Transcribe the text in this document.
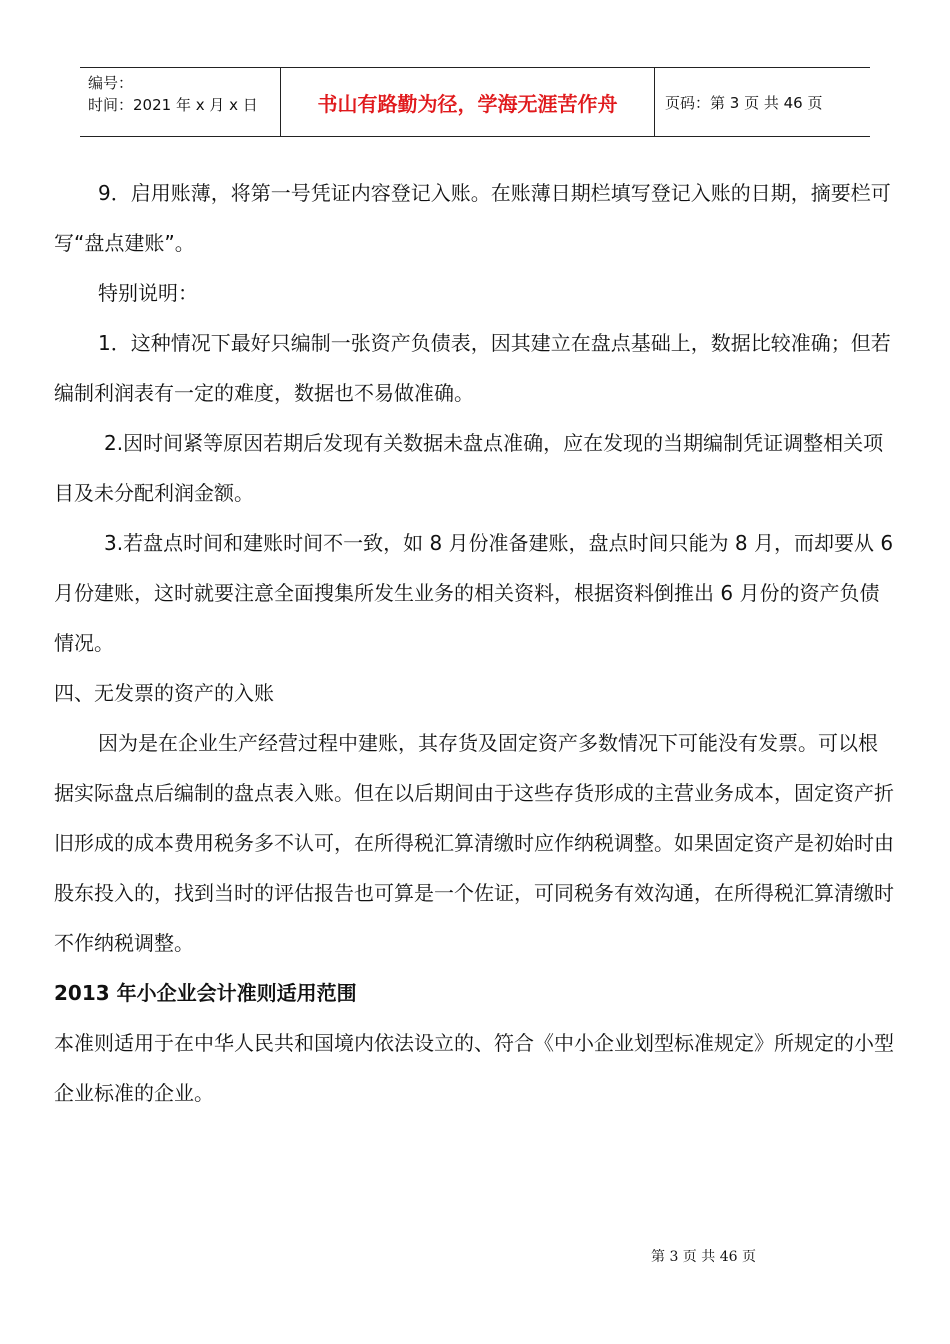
编号：
时间：2021 年 x 月 x 日	书山有路勤为径，学海无涯苦作舟	页码：第 3 页 共 46 页

9．启用账薄，将第一号凭证内容登记入账。在账薄日期栏填写登记入账的日期，摘要栏可写“盘点建账”。

特别说明：

1．这种情况下最好只编制一张资产负债表，因其建立在盘点基础上，数据比较准确；但若编制利润表有一定的难度，数据也不易做准确。

2.因时间紧等原因若期后发现有关数据未盘点准确，应在发现的当期编制凭证调整相关项目及未分配利润金额。

3.若盘点时间和建账时间不一致，如 8 月份准备建账，盘点时间只能为 8 月，而却要从 6 月份建账，这时就要注意全面搜集所发生业务的相关资料，根据资料倒推出 6 月份的资产负债情况。

四、无发票的资产的入账

因为是在企业生产经营过程中建账，其存货及固定资产多数情况下可能没有发票。可以根据实际盘点后编制的盘点表入账。但在以后期间由于这些存货形成的主营业务成本，固定资产折旧形成的成本费用税务多不认可，在所得税汇算清缴时应作纳税调整。如果固定资产是初始时由股东投入的，找到当时的评估报告也可算是一个佐证，可同税务有效沟通，在所得税汇算清缴时不作纳税调整。

2013 年小企业会计准则适用范围

本准则适用于在中华人民共和国境内依法设立的、符合《中小企业划型标准规定》所规定的小型企业标准的企业。

第 3 页 共 46 页
